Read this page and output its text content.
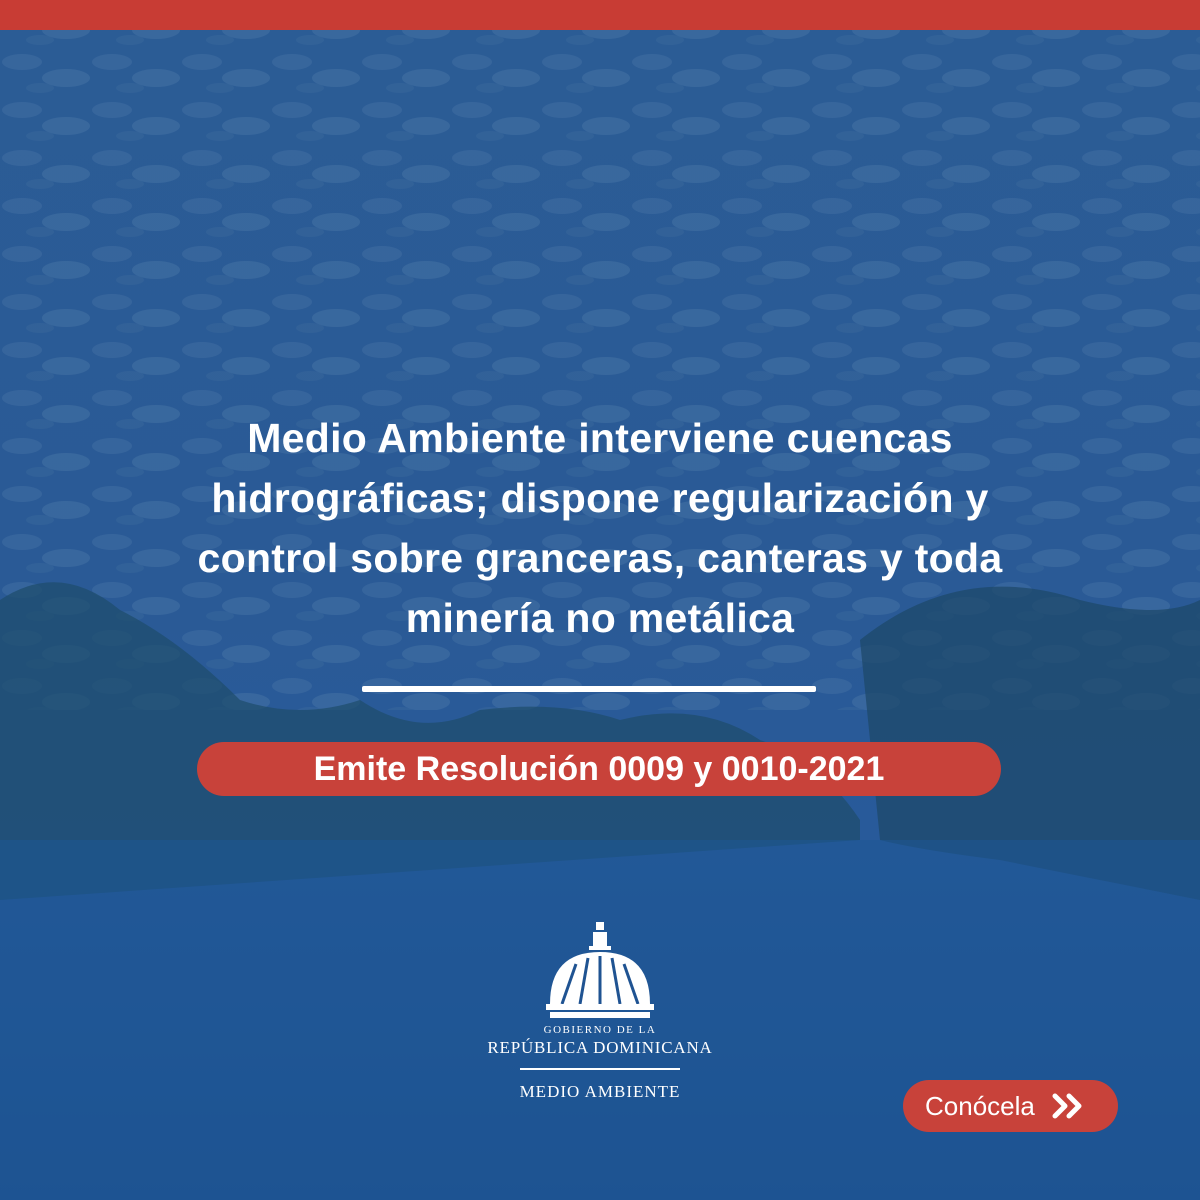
Medio Ambiente interviene cuencas
hidrográficas; dispone regularización y
control sobre granceras, canteras y toda
minería no metálica
Emite Resolución 0009 y 0010-2021
GOBIERNO DE LA
REPÚBLICA DOMINICANA
MEDIO AMBIENTE	Conócela
